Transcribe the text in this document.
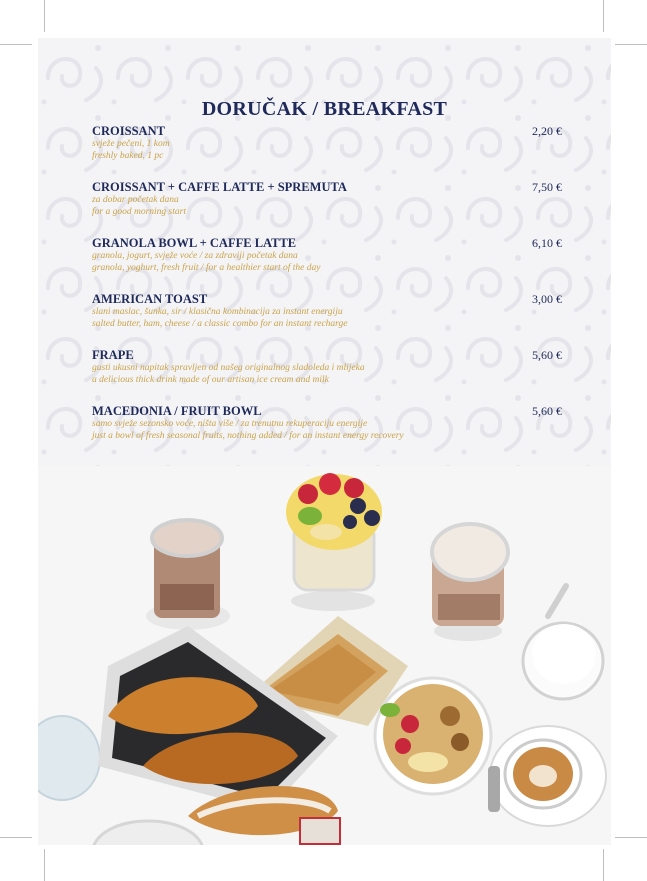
DORUČAK / BREAKFAST
CROISSANT	2,20 €
svježe pečeni, 1 kom
freshly baked, 1 pc
CROISSANT + CAFFE LATTE + SPREMUTA	7,50 €
za dobar početak dana
for a good morning start
GRANOLA BOWL + CAFFE LATTE	6,10 €
granola, jogurt, svježe voće / za zdraviji početak dana
granola, yoghurt, fresh fruit / for a healthier start of the day
AMERICAN TOAST	3,00 €
slani maslac, šunka, sir / klasična kombinacija za instant energiju
salted butter, ham, cheese / a classic combo for an instant recharge
FRAPE	5,60 €
gusti ukusni napitak spravljen od našeg originalnog sladoleda i mlijeka
a delicious thick drink made of our artisan ice cream and milk
MACEDONIA / FRUIT BOWL	5,60 €
samo svježe sezonsko voće, ništa više / za trenutnu rekuperaciju energije
just a bowl of fresh seasonal fruits, nothing added / for an instant energy recovery
